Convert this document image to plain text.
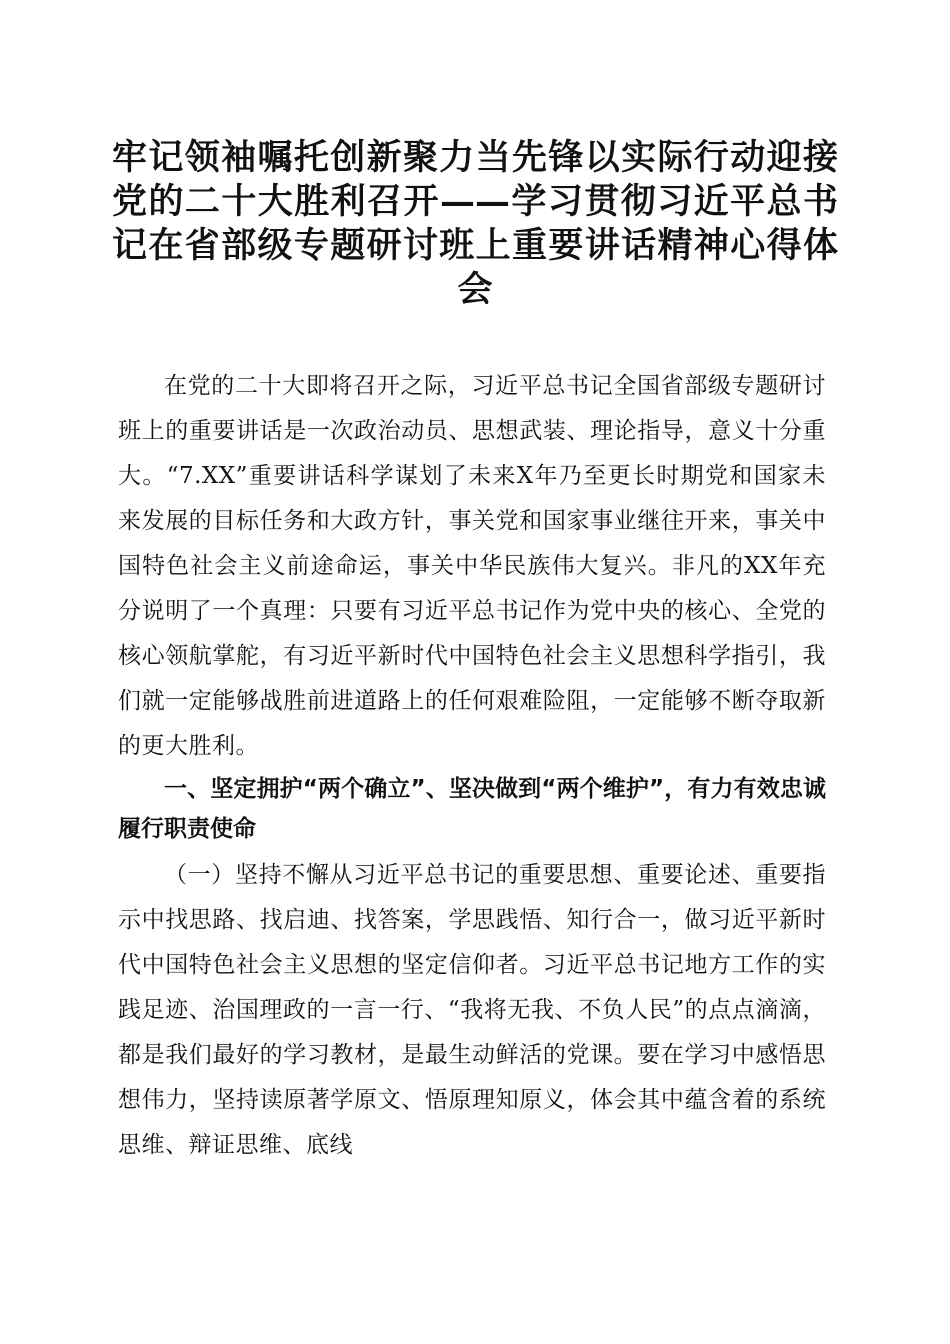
牢记领袖嘱托创新聚力当先锋以实际行动迎接党的二十大胜利召开——学习贯彻习近平总书记在省部级专题研讨班上重要讲话精神心得体会

在党的二十大即将召开之际，习近平总书记全国省部级专题研讨班上的重要讲话是一次政治动员、思想武装、理论指导，意义十分重大。“7.XX”重要讲话科学谋划了未来X年乃至更长时期党和国家未来发展的目标任务和大政方针，事关党和国家事业继往开来，事关中国特色社会主义前途命运，事关中华民族伟大复兴。非凡的XX年充分说明了一个真理：只要有习近平总书记作为党中央的核心、全党的核心领航掌舵，有习近平新时代中国特色社会主义思想科学指引，我们就一定能够战胜前进道路上的任何艰难险阻，一定能够不断夺取新的更大胜利。

一、坚定拥护“两个确立”、坚决做到“两个维护”，有力有效忠诚履行职责使命

（一）坚持不懈从习近平总书记的重要思想、重要论述、重要指示中找思路、找启迪、找答案，学思践悟、知行合一，做习近平新时代中国特色社会主义思想的坚定信仰者。习近平总书记地方工作的实践足迹、治国理政的一言一行、“我将无我、不负人民”的点点滴滴，都是我们最好的学习教材，是最生动鲜活的党课。要在学习中感悟思想伟力，坚持读原著学原文、悟原理知原义，体会其中蕴含着的系统思维、辩证思维、底线
